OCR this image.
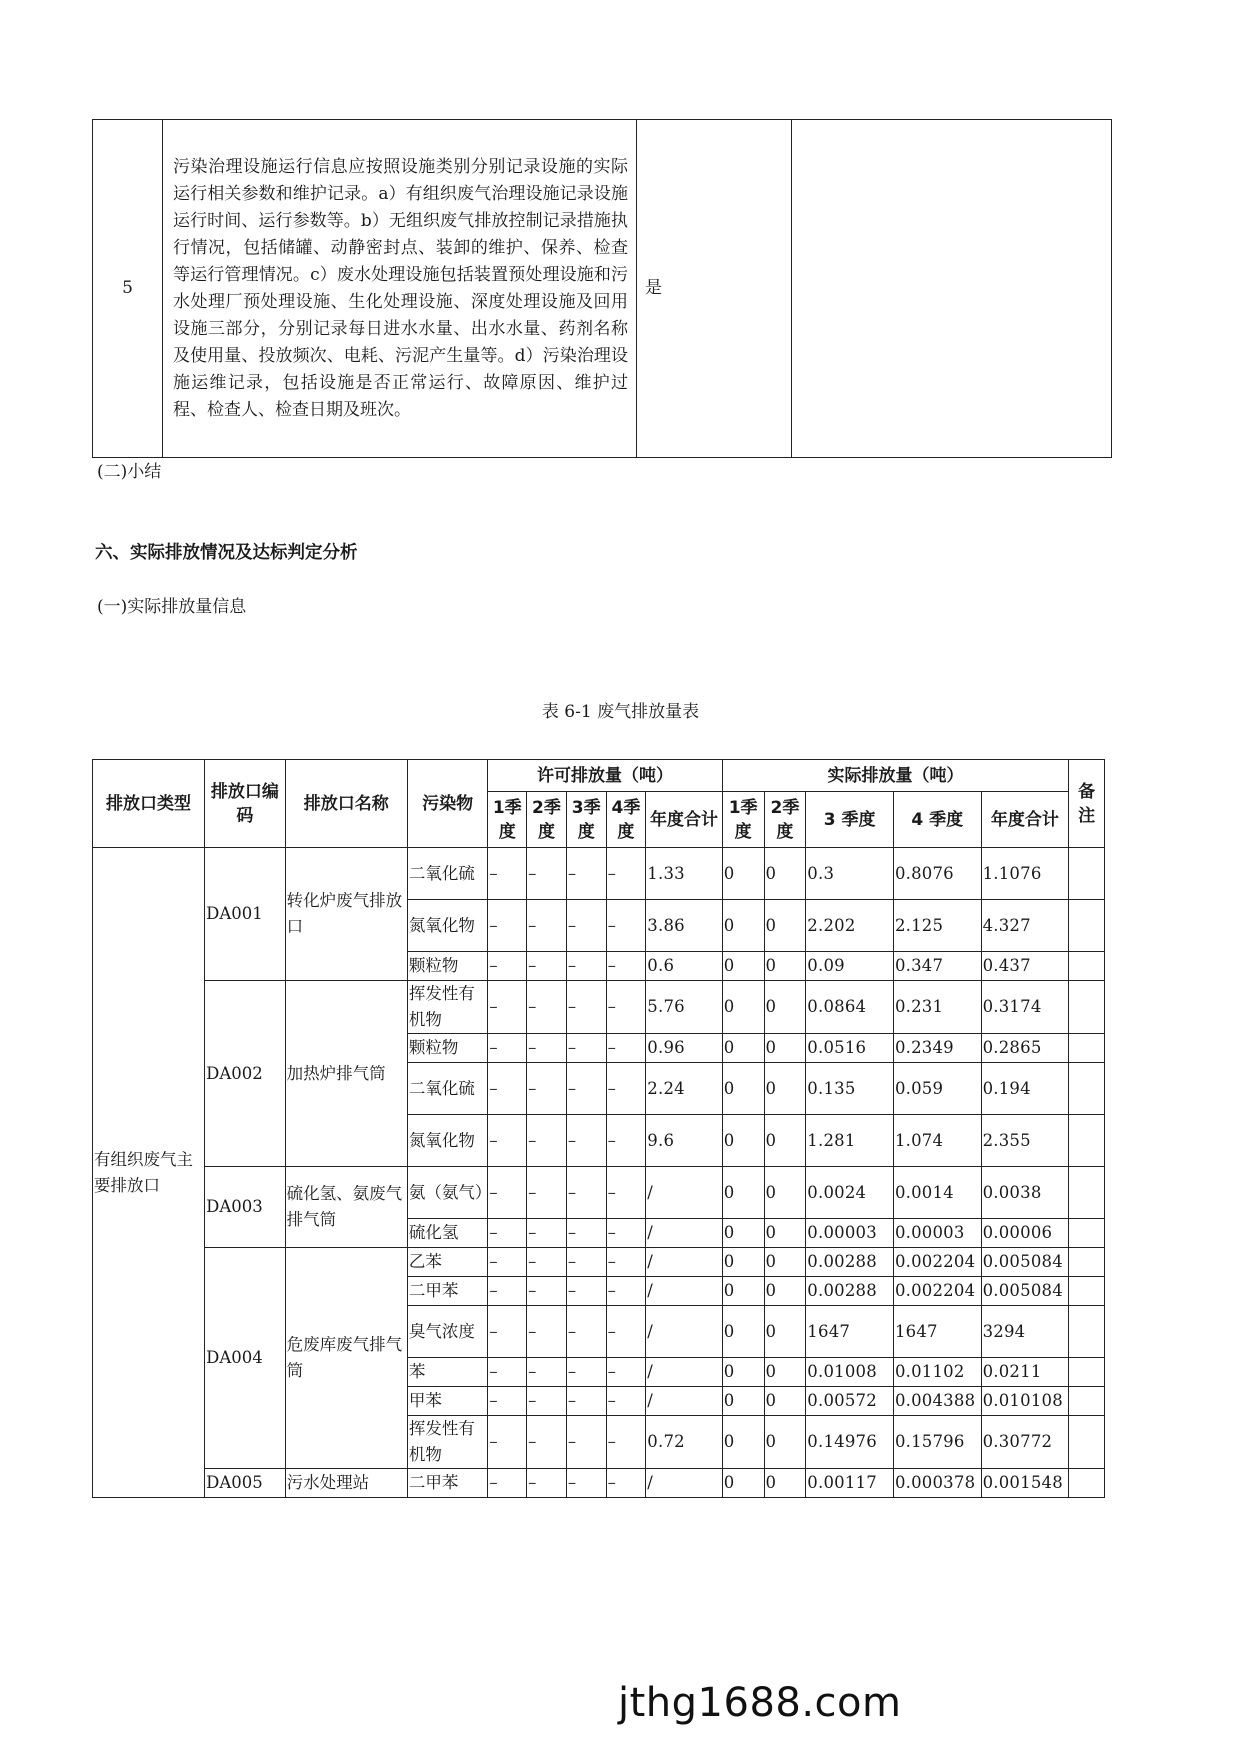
5	污染治理设施运行信息应按照设施类别分别记录设施的实际运行相关参数和维护记录。a）有组织废气治理设施记录设施运行时间、运行参数等。b）无组织废气排放控制记录措施执行情况，包括储罐、动静密封点、装卸的维护、保养、检查等运行管理情况。c）废水处理设施包括装置预处理设施和污水处理厂预处理设施、生化处理设施、深度处理设施及回用设施三部分，分别记录每日进水水量、出水水量、药剂名称及使用量、投放频次、电耗、污泥产生量等。d）污染治理设施运维记录，包括设施是否正常运行、故障原因、维护过程、检查人、检查日期及班次。	是	
(二)小结
六、实际排放情况及达标判定分析
(一)实际排放量信息
表 6-1 废气排放量表
排放口类型	排放口编码	排放口名称	污染物	许可排放量（吨）					实际排放量（吨）					备注
				1季度	2季度	3季度	4季度	年度合计	1季度	2季度	3 季度	4 季度	年度合计	
有组织废气主要排放口	DA001	转化炉废气排放口	二氧化硫	–	–	–	–	1.33	0	0	0.3	0.8076	1.1076	
			氮氧化物	–	–	–	–	3.86	0	0	2.202	2.125	4.327	
			颗粒物	–	–	–	–	0.6	0	0	0.09	0.347	0.437	
	DA002	加热炉排气筒	挥发性有机物	–	–	–	–	5.76	0	0	0.0864	0.231	0.3174	
			颗粒物	–	–	–	–	0.96	0	0	0.0516	0.2349	0.2865	
			二氧化硫	–	–	–	–	2.24	0	0	0.135	0.059	0.194	
			氮氧化物	–	–	–	–	9.6	0	0	1.281	1.074	2.355	
	DA003	硫化氢、氨废气排气筒	氨（氨气）	–	–	–	–	/	0	0	0.0024	0.0014	0.0038	
			硫化氢	–	–	–	–	/	0	0	0.00003	0.00003	0.00006	
	DA004	危废库废气排气筒	乙苯	–	–	–	–	/	0	0	0.00288	0.002204	0.005084	
			二甲苯	–	–	–	–	/	0	0	0.00288	0.002204	0.005084	
			臭气浓度	–	–	–	–	/	0	0	1647	1647	3294	
			苯	–	–	–	–	/	0	0	0.01008	0.01102	0.0211	
			甲苯	–	–	–	–	/	0	0	0.00572	0.004388	0.010108	
			挥发性有机物	–	–	–	–	0.72	0	0	0.14976	0.15796	0.30772	
	DA005	污水处理站	二甲苯	–	–	–	–	/	0	0	0.00117	0.000378	0.001548	
jthg1688.com
